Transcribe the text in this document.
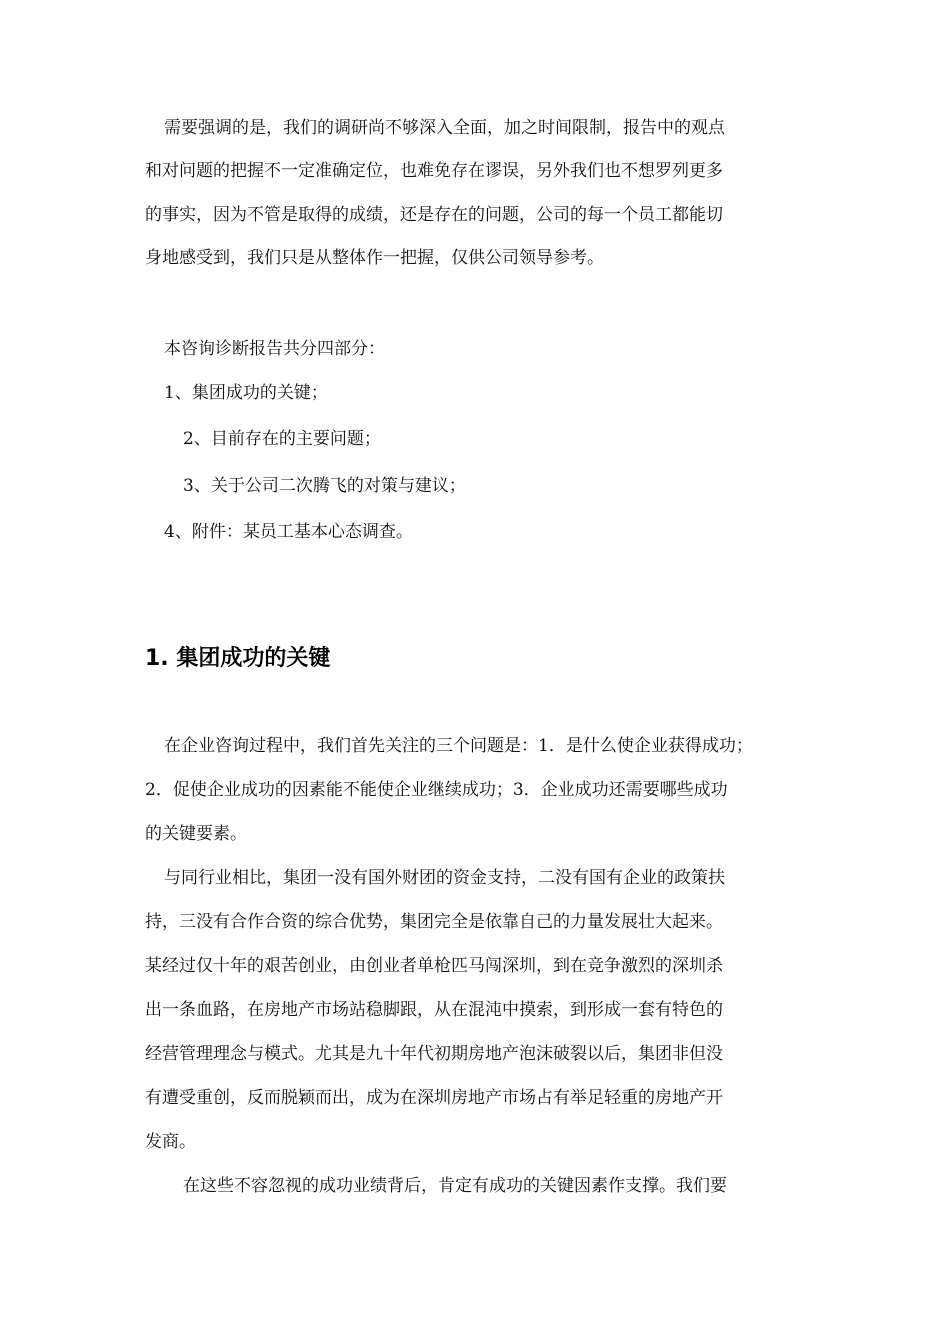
需要强调的是，我们的调研尚不够深入全面，加之时间限制，报告中的观点
和对问题的把握不一定准确定位，也难免存在谬误，另外我们也不想罗列更多
的事实，因为不管是取得的成绩，还是存在的问题，公司的每一个员工都能切
身地感受到，我们只是从整体作一把握，仅供公司领导参考。
本咨询诊断报告共分四部分：
1、集团成功的关键；
2、目前存在的主要问题；
3、关于公司二次腾飞的对策与建议；
4、附件：某员工基本心态调查。
1. 集团成功的关键
在企业咨询过程中，我们首先关注的三个问题是：1．是什么使企业获得成功；
2．促使企业成功的因素能不能使企业继续成功；3．企业成功还需要哪些成功
的关键要素。
与同行业相比，集团一没有国外财团的资金支持，二没有国有企业的政策扶
持，三没有合作合资的综合优势，集团完全是依靠自己的力量发展壮大起来。
某经过仅十年的艰苦创业，由创业者单枪匹马闯深圳，到在竞争激烈的深圳杀
出一条血路，在房地产市场站稳脚跟，从在混沌中摸索，到形成一套有特色的
经营管理理念与模式。尤其是九十年代初期房地产泡沫破裂以后，集团非但没
有遭受重创，反而脱颖而出，成为在深圳房地产市场占有举足轻重的房地产开
发商。
在这些不容忽视的成功业绩背后，肯定有成功的关键因素作支撑。我们要
